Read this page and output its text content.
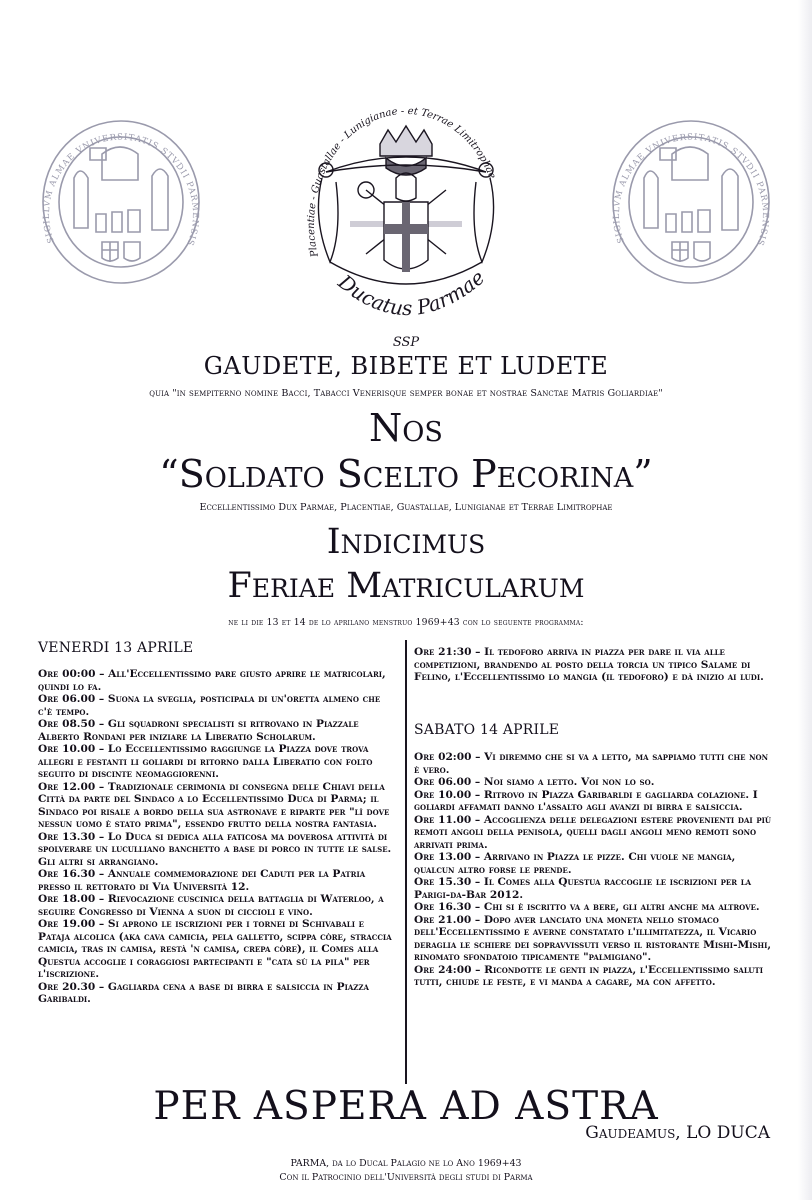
SIGILLVM ALMAE VNIVERSITATIS STVDII PARMENSIS	SIGILLVM ALMAE VNIVERSITATIS STVDII PARMENSIS
Placentiae - Guastallae - Lunigianae - et Terrae Limitrophae
Ducatus Parmae
SSP
GAUDETE, BIBETE ET LUDETE
quia "in sempiterno nomine Bacci, Tabacci Venerisque semper bonae et nostrae Sanctae Matris Goliardiae"
Nos
“Soldato Scelto Pecorina”
Eccellentissimo Dux Parmae, Placentiae, Guastallae, Lunigianae et Terrae Limitrophae
Indicimus
Feriae Matricularum
ne li die 13 et 14 de lo aprilano menstruo 1969+43 con lo seguente programma:
VENERDI 13 APRILE

Ore 00:00 – All'Eccellentissimo pare giusto aprire le matricolari, quindi lo fa.

Ore 06.00 – Suona la sveglia, posticipala di un'oretta almeno che c'è tempo.

Ore 08.50 – Gli squadroni specialisti si ritrovano in Piazzale Alberto Rondani per iniziare la Liberatio Scholarum.

Ore 10.00 – Lo Eccellentissimo raggiunge la Piazza dove trova allegri e festanti li goliardi di ritorno dalla Liberatio con folto seguito di discinte neomaggiorenni.

Ore 12.00 – Tradizionale cerimonia di consegna delle Chiavi della Città da parte del Sindaco a lo Eccellentissimo Duca di Parma; il Sindaco poi risale a bordo della sua astronave e riparte per "lì dove nessun uomo è stato prima", essendo frutto della nostra fantasia.

Ore 13.30 – Lo Duca si dedica alla faticosa ma doverosa attività di spolverare un luculliano banchetto a base di porco in tutte le salse. Gli altri si arrangiano.

Ore 16.30 – Annuale commemorazione dei Caduti per la Patria presso il rettorato di Via Università 12.

Ore 18.00 – Rievocazione cuscinica della battaglia di Waterloo, a seguire Congresso di Vienna a suon di ciccioli e vino.

Ore 19.00 – Si aprono le iscrizioni per i tornei di Schivabali e Pataja alcolica (aka cava camicia, pela galletto, scippa còre, straccia camicia, tras in camisa, restà 'n camisa, crepa còre), il Comes alla Questua accoglie i coraggiosi partecipanti e "cata sù la pila" per l'iscrizione.

Ore 20.30 – Gagliarda cena a base di birra e salsiccia in Piazza Garibaldi.

Ore 21:30 – Il tedoforo arriva in piazza per dare il via alle competizioni, brandendo al posto della torcia un tipico Salame di Felino, l'Eccellentissimo lo mangia (il tedoforo) e dà inizio ai ludi.

SABATO 14 APRILE

Ore 02:00 – Vi diremmo che si va a letto, ma sappiamo tutti che non è vero.

Ore 06.00 – Noi siamo a letto. Voi non lo so.

Ore 10.00 – Ritrovo in Piazza Garibarldi e gagliarda colazione. I goliardi affamati danno l'assalto agli avanzi di birra e salsiccia.

Ore 11.00 – Accoglienza delle delegazioni estere provenienti dai più remoti angoli della penisola, quelli dagli angoli meno remoti sono arrivati prima.

Ore 13.00 – Arrivano in Piazza le pizze. Chi vuole ne mangia, qualcun altro forse le prende.

Ore 15.30 – Il Comes alla Questua raccoglie le iscrizioni per la Parigi-da-Bar 2012.

Ore 16.30 – Chi si è iscritto va a bere, gli altri anche ma altrove.

Ore 21.00 – Dopo aver lanciato una moneta nello stomaco dell'Eccellentissimo e averne constatato l'illimitatezza, il Vicario deraglia le schiere dei sopravvissuti verso il ristorante Mishi-Mishi, rinomato sfondatoio tipicamente "palmigiano".

Ore 24:00 – Ricondotte le genti in piazza, l'Eccellentissimo saluti tutti, chiude le feste, e vi manda a cagare, ma con affetto.

PER ASPERA AD ASTRA
Gaudeamus, LO DUCA
PARMA, da lo Ducal Palagio ne lo Ano 1969+43
Con il Patrocinio dell'Università degli studi di Parma
